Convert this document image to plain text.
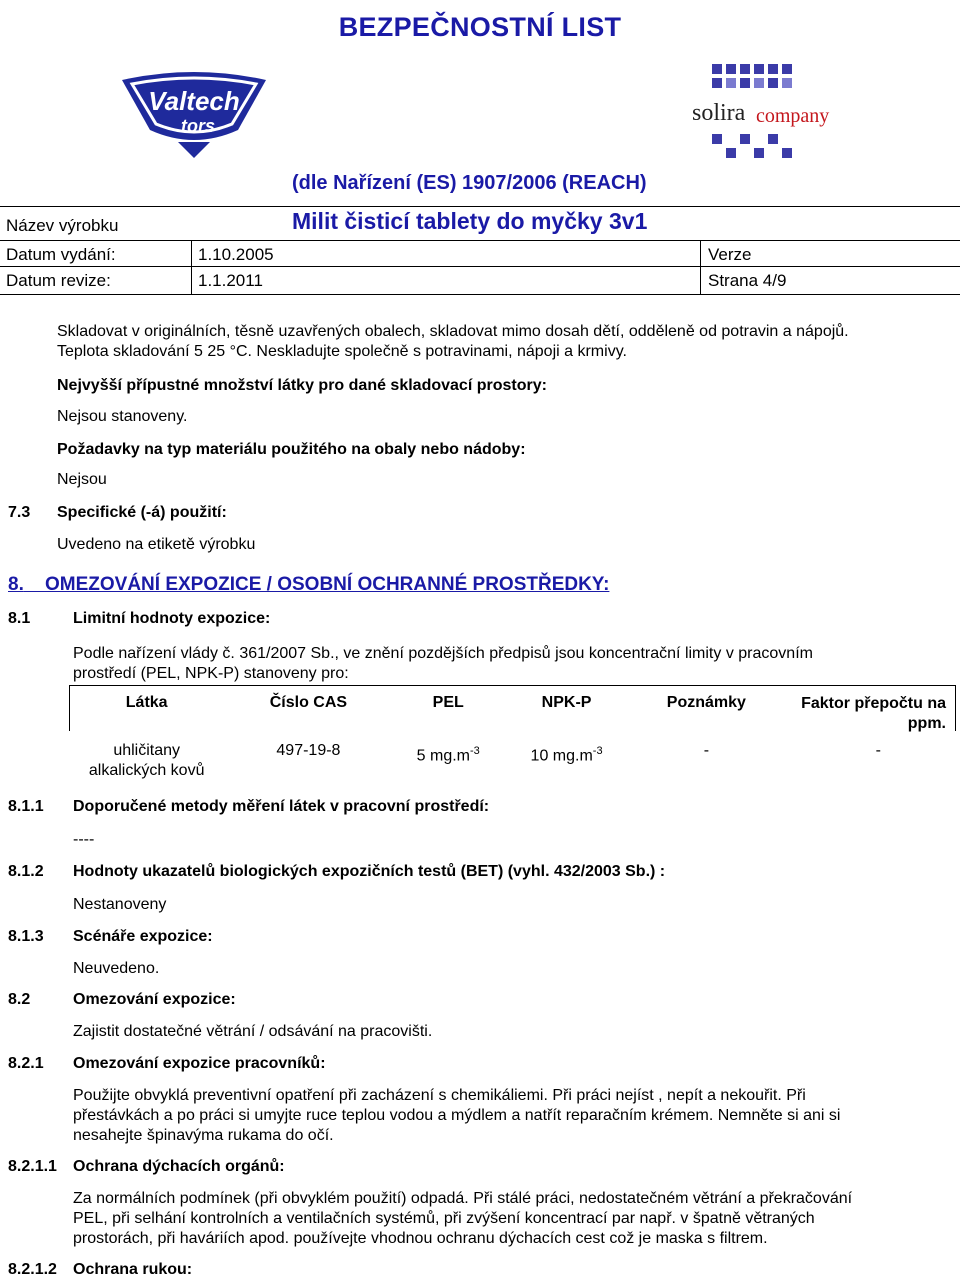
BEZPEČNOSTNÍ LIST
Valtech
tors	solira company
(dle Nařízení (ES) 1907/2006 (REACH)
Název výrobku	Milit čisticí tablety do myčky 3v1
Datum vydání:	1.10.2005	Verze
Datum revize:	1.1.2011	Strana 4/9
Skladovat v originálních, těsně uzavřených obalech, skladovat mimo dosah dětí, odděleně od potravin a nápojů.
Teplota skladování 5 25 °C. Neskladujte společně s potravinami, nápoji a krmivy.
Nejvyšší přípustné množství látky pro dané skladovací prostory:
Nejsou stanoveny.
Požadavky na typ materiálu použitého na obaly nebo nádoby:
Nejsou
7.3 Specifické (-á) použití:
Uvedeno na etiketě výrobku
8. OMEZOVÁNÍ EXPOZICE / OSOBNÍ OCHRANNÉ PROSTŘEDKY:
8.1	Limitní hodnoty expozice:
Podle nařízení vlády č. 361/2007 Sb., ve znění pozdějších předpisů jsou koncentrační limity v pracovním
prostředí (PEL, NPK-P) stanoveny pro:
Látka	Číslo CAS	PEL	NPK-P	Poznámky	Faktor přepočtu na ppm.

uhličitany
alkalických kovů	497-19-8	5 $mg.m^{-3}$	10 $mg.m^{-3}$	-	-
8.1.1 Doporučené metody měření látek v pracovní prostředí:
----
8.1.2 Hodnoty ukazatelů biologických expozičních testů (BET) (vyhl. 432/2003 Sb.) :
Nestanoveny
8.1.3 Scénáře expozice:
Neuvedeno.
8.2	Omezování expozice:
Zajistit dostatečné větrání / odsávání na pracovišti.
8.2.1 Omezování expozice pracovníků:
Použijte obvyklá preventivní opatření při zacházení s chemikáliemi. Při práci nejíst , nepít a nekouřit. Při
přestávkách a po práci si umyjte ruce teplou vodou a mýdlem a natřít reparačním krémem. Nemněte si ani si
nesahejte špinavýma rukama do očí.
8.2.1.1 Ochrana dýchacích orgánů:
Za normálních podmínek (při obvyklém použití) odpadá. Při stálé práci, nedostatečném větrání a překračování
PEL, při selhání kontrolních a ventilačních systémů, při zvýšení koncentrací par např. v špatně větraných
prostorách, při haváriích apod. používejte vhodnou ochranu dýchacích cest což je maska s filtrem.
8.2.1.2 Ochrana rukou:
